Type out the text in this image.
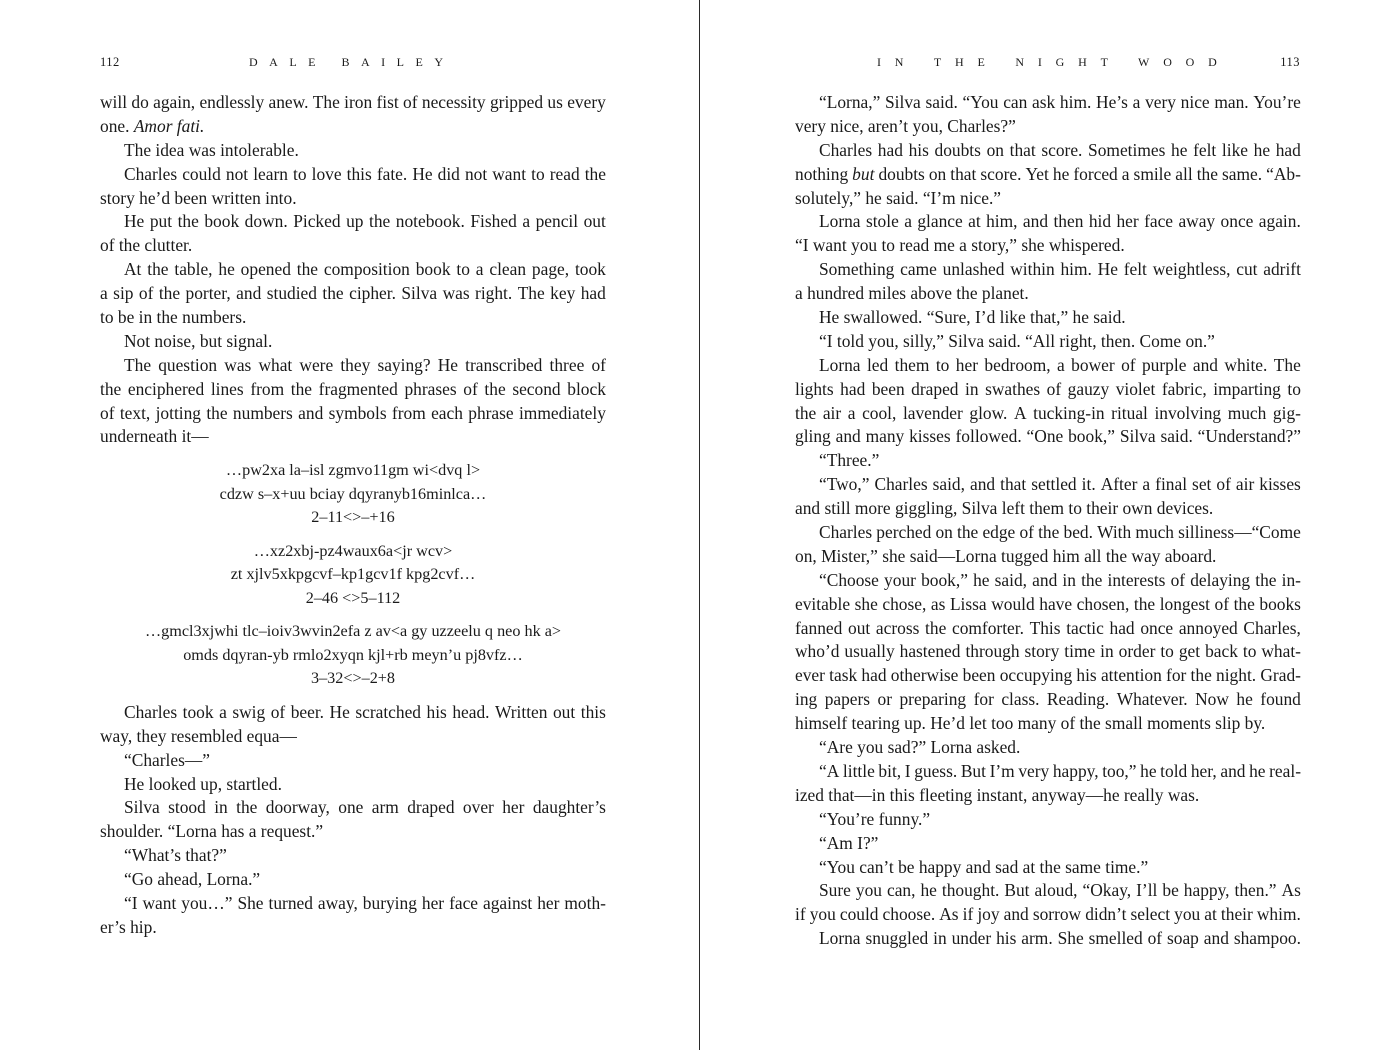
112	DALE BAILEY
will do again, endlessly anew. The iron fist of necessity gripped us every
one. Amor fati.
The idea was intolerable.
Charles could not learn to love this fate. He did not want to read the
story he’d been written into.
He put the book down. Picked up the notebook. Fished a pencil out
of the clutter.
At the table, he opened the composition book to a clean page, took
a sip of the porter, and studied the cipher. Silva was right. The key had
to be in the numbers.
Not noise, but signal.
The question was what were they saying? He transcribed three of
the enciphered lines from the fragmented phrases of the second block
of text, jotting the numbers and symbols from each phrase immediately
underneath it—
…pw2xa la–isl zgmvo11gm wi<dvq l>
cdzw s–x+uu bciay dqyranyb16minlca…
2–11<>–+16
…xz2xbj-pz4waux6a<jr wcv>
zt xjlv5xkpgcvf–kp1gcv1f kpg2cvf…
2–46 <>5–112
…gmcl3xjwhi tlc–ioiv3wvin2efa z av<a gy uzzeelu q neo hk a>
omds dqyran-yb rmlo2xyqn kjl+rb meyn’u pj8vfz…
3–32<>–2+8
Charles took a swig of beer. He scratched his head. Written out this
way, they resembled equa—
“Charles—”
He looked up, startled.
Silva stood in the doorway, one arm draped over her daughter’s
shoulder. “Lorna has a request.”
“What’s that?”
“Go ahead, Lorna.”
“I want you…” She turned away, burying her face against her moth-
er’s hip.
IN THE NIGHT WOOD	113
“Lorna,” Silva said. “You can ask him. He’s a very nice man. You’re
very nice, aren’t you, Charles?”
Charles had his doubts on that score. Sometimes he felt like he had
nothing but doubts on that score. Yet he forced a smile all the same. “Ab-
solutely,” he said. “I’m nice.”
Lorna stole a glance at him, and then hid her face away once again.
“I want you to read me a story,” she whispered.
Something came unlashed within him. He felt weightless, cut adrift
a hundred miles above the planet.
He swallowed. “Sure, I’d like that,” he said.
“I told you, silly,” Silva said. “All right, then. Come on.”
Lorna led them to her bedroom, a bower of purple and white. The
lights had been draped in swathes of gauzy violet fabric, imparting to
the air a cool, lavender glow. A tucking-in ritual involving much gig-
gling and many kisses followed. “One book,” Silva said. “Understand?”
“Three.”
“Two,” Charles said, and that settled it. After a final set of air kisses
and still more giggling, Silva left them to their own devices.
Charles perched on the edge of the bed. With much silliness—“Come
on, Mister,” she said—Lorna tugged him all the way aboard.
“Choose your book,” he said, and in the interests of delaying the in-
evitable she chose, as Lissa would have chosen, the longest of the books
fanned out across the comforter. This tactic had once annoyed Charles,
who’d usually hastened through story time in order to get back to what-
ever task had otherwise been occupying his attention for the night. Grad-
ing papers or preparing for class. Reading. Whatever. Now he found
himself tearing up. He’d let too many of the small moments slip by.
“Are you sad?” Lorna asked.
“A little bit, I guess. But I’m very happy, too,” he told her, and he real-
ized that—in this fleeting instant, anyway—he really was.
“You’re funny.”
“Am I?”
“You can’t be happy and sad at the same time.”
Sure you can, he thought. But aloud, “Okay, I’ll be happy, then.” As
if you could choose. As if joy and sorrow didn’t select you at their whim.
Lorna snuggled in under his arm. She smelled of soap and shampoo.
